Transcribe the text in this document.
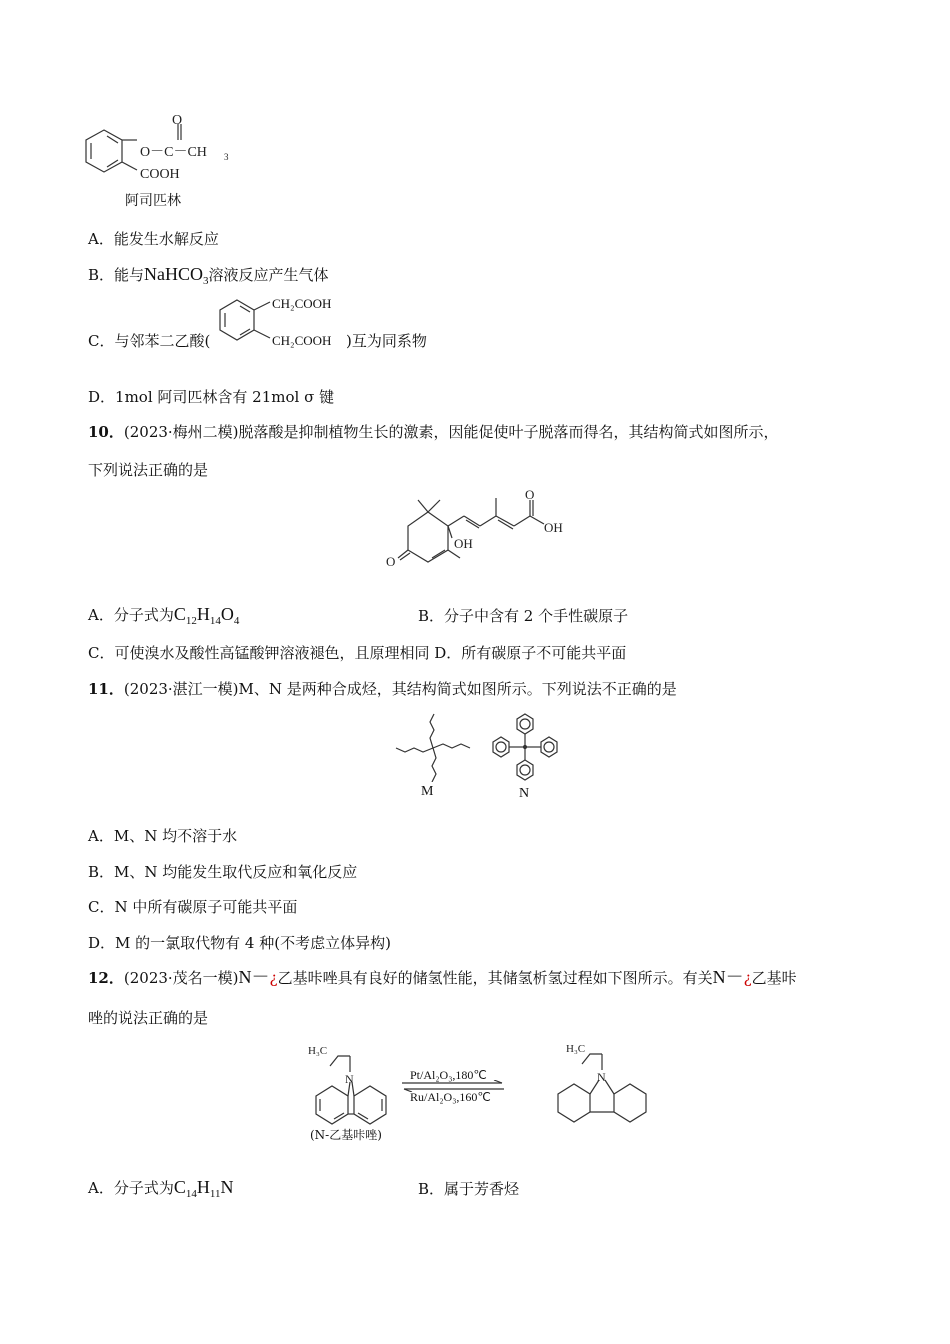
O
O－C－CH 3
COOH
阿司匹林
A．能发生水解反应
B．能与NaHCO$_3$溶液反应产生气体
C．与邻苯二乙酸(
CH₂COOH
CH₂COOH )互为同系物
D．1mol 阿司匹林含有 21mol σ 键
10．(2023·梅州二模)脱落酸是抑制植物生长的激素，因能促使叶子脱落而得名，其结构简式如图所示，
下列说法正确的是
O
OH
O
OH
A．分子式为$C_{12}H_{14}O_4$	B．分子中含有 2 个手性碳原子
C．可使溴水及酸性高锰酸钾溶液褪色，且原理相同 D．所有碳原子不可能共平面
11．(2023·湛江一模)M、N 是两种合成烃，其结构简式如图所示。下列说法不正确的是
M	N
A．M、N 均不溶于水
B．M、N 均能发生取代反应和氧化反应
C．N 中所有碳原子可能共平面
D．M 的一氯取代物有 4 种(不考虑立体异构)
12．(2023·茂名一模)N－¿乙基咔唑具有良好的储氢性能，其储氢析氢过程如下图所示。有关N－¿乙基咔
唑的说法正确的是
N
H₃C
(N-乙基咔唑)
Pt/Al₂O₃,180℃
Ru/Al₂O₃,160℃
N
H₃C
A．分子式为$C_{14}H_{11}N$	B．属于芳香烃
